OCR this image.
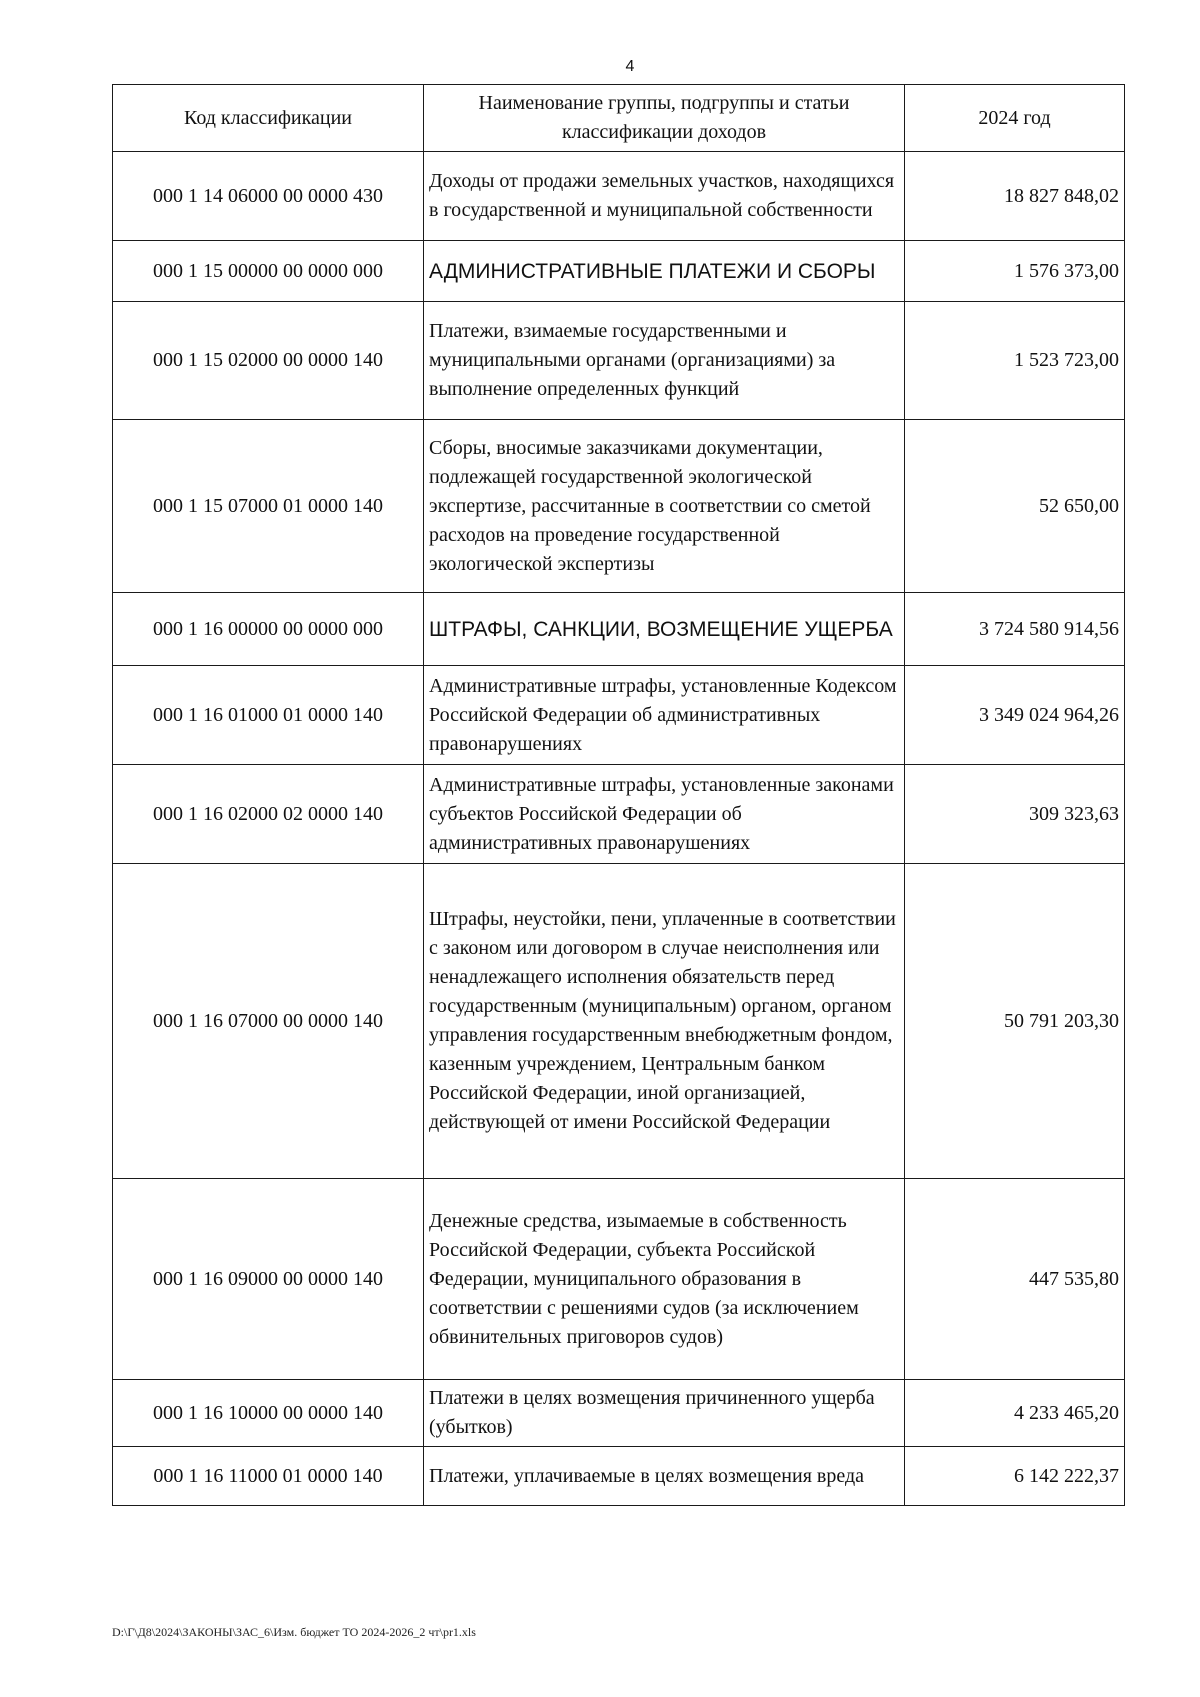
4
Код классификации	Наименование группы, подгруппы и статьи классификации доходов	2024 год
000 1 14 06000 00 0000 430	Доходы от продажи земельных участков, находящихся в государственной и муниципальной собственности	18 827 848,02
000 1 15 00000 00 0000 000	АДМИНИСТРАТИВНЫЕ ПЛАТЕЖИ И СБОРЫ	1 576 373,00
000 1 15 02000 00 0000 140	Платежи, взимаемые государственными и муниципальными органами (организациями) за выполнение определенных функций	1 523 723,00
000 1 15 07000 01 0000 140	Сборы, вносимые заказчиками документации, подлежащей государственной экологической экспертизе, рассчитанные в соответствии со сметой расходов на проведение государственной экологической экспертизы	52 650,00
000 1 16 00000 00 0000 000	ШТРАФЫ, САНКЦИИ, ВОЗМЕЩЕНИЕ УЩЕРБА	3 724 580 914,56
000 1 16 01000 01 0000 140	Административные штрафы, установленные Кодексом Российской Федерации об административных правонарушениях	3 349 024 964,26
000 1 16 02000 02 0000 140	Административные штрафы, установленные законами субъектов Российской Федерации об административных правонарушениях	309 323,63
000 1 16 07000 00 0000 140	Штрафы, неустойки, пени, уплаченные в соответствии с законом или договором в случае неисполнения или ненадлежащего исполнения обязательств перед государственным (муниципальным) органом, органом управления государственным внебюджетным фондом, казенным учреждением, Центральным банком Российской Федерации, иной организацией, действующей от имени Российской Федерации	50 791 203,30
000 1 16 09000 00 0000 140	Денежные средства, изымаемые в собственность Российской Федерации, субъекта Российской Федерации, муниципального образования в соответствии с решениями судов (за исключением обвинительных приговоров судов)	447 535,80
000 1 16 10000 00 0000 140	Платежи в целях возмещения причиненного ущерба (убытков)	4 233 465,20
000 1 16 11000 01 0000 140	Платежи, уплачиваемые в целях возмещения вреда	6 142 222,37
D:\Г\Д8\2024\ЗАКОНЫ\ЗАС_6\Изм. бюджет ТО 2024-2026_2 чт\pr1.xls
